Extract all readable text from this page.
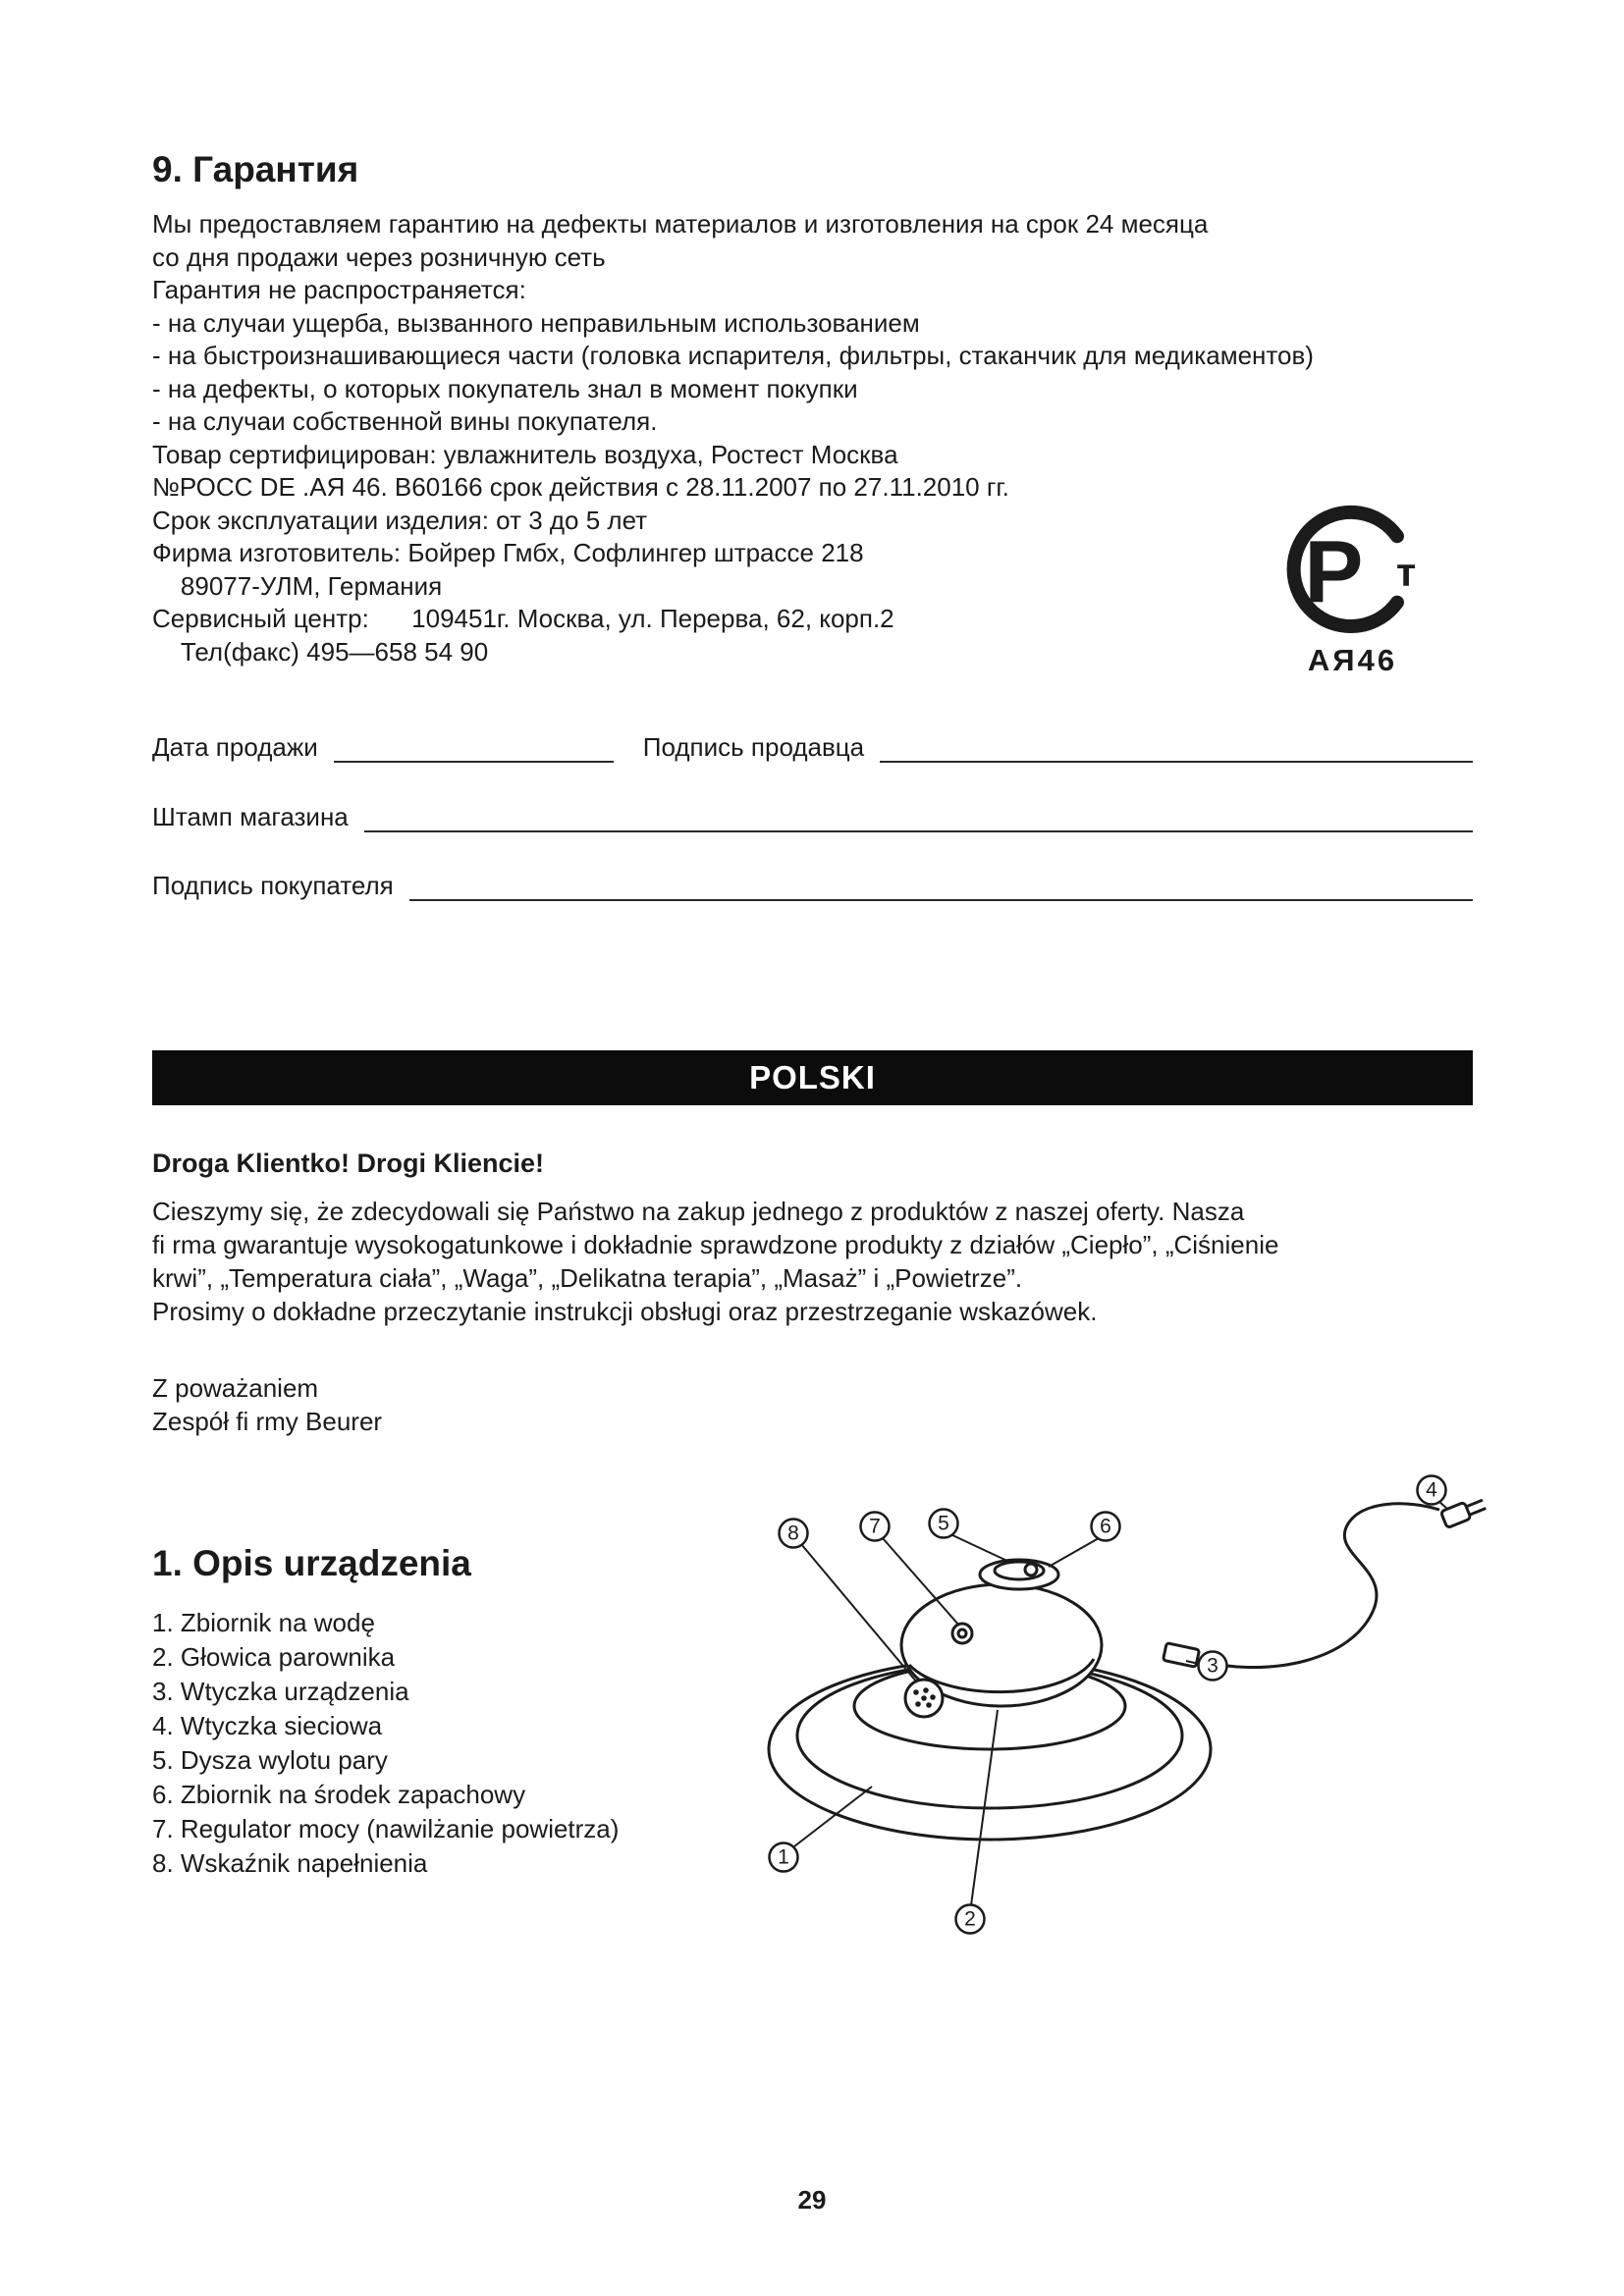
9. Гарантия
Мы предоставляем гарантию на дефекты материалов и изготовления на срок 24 месяца
со дня продажи через розничную сеть
Гарантия не распространяется:
- на случаи ущерба, вызванного неправильным использованием
- на быстроизнашивающиеся части (головка испарителя, фильтры, стаканчик для медикаментов)
- на дефекты, о которых покупатель знал в момент покупки
- на случаи собственной вины покупателя.
Товар сертифицирован: увлажнитель воздуха, Ростест Москва
№РОСС DE .АЯ 46. В60166 срок действия с 28.11.2007 по 27.11.2010 гг.
Срок эксплуатации изделия: от 3 до 5 лет
Фирма изготовитель: Бойрер Гмбх, Софлингер штрассе 218
89077-УЛМ, Германия
Сервисный центр:      109451г. Москва, ул. Перерва, 62, корп.2
Тел(факс) 495—658 54 90
Р т
АЯ46
Дата продажи	Подпись продавца
Штамп магазина
Подпись покупателя
POLSKI
Droga Klientko! Drogi Kliencie!
Cieszymy się, że zdecydowali się Państwo na zakup jednego z produktów z naszej oferty. Nasza
fi rma gwarantuje wysokogatunkowe i dokładnie sprawdzone produkty z działów „Ciepło”, „Ciśnienie
krwi”, „Temperatura ciała”, „Waga”, „Delikatna terapia”, „Masaż” i „Powietrze”.
Prosimy o dokładne przeczytanie instrukcji obsługi oraz przestrzeganie wskazówek.
Z poważaniem
Zespół fi rmy Beurer
1. Opis urządzenia
1. Zbiornik na wodę
2. Głowica parownika
3. Wtyczka urządzenia
4. Wtyczka sieciowa
5. Dysza wylotu pary
6. Zbiornik na środek zapachowy
7. Regulator mocy (nawilżanie powietrza)
8. Wskaźnik napełnienia
8	7	5	6
4
3
1
2
29
